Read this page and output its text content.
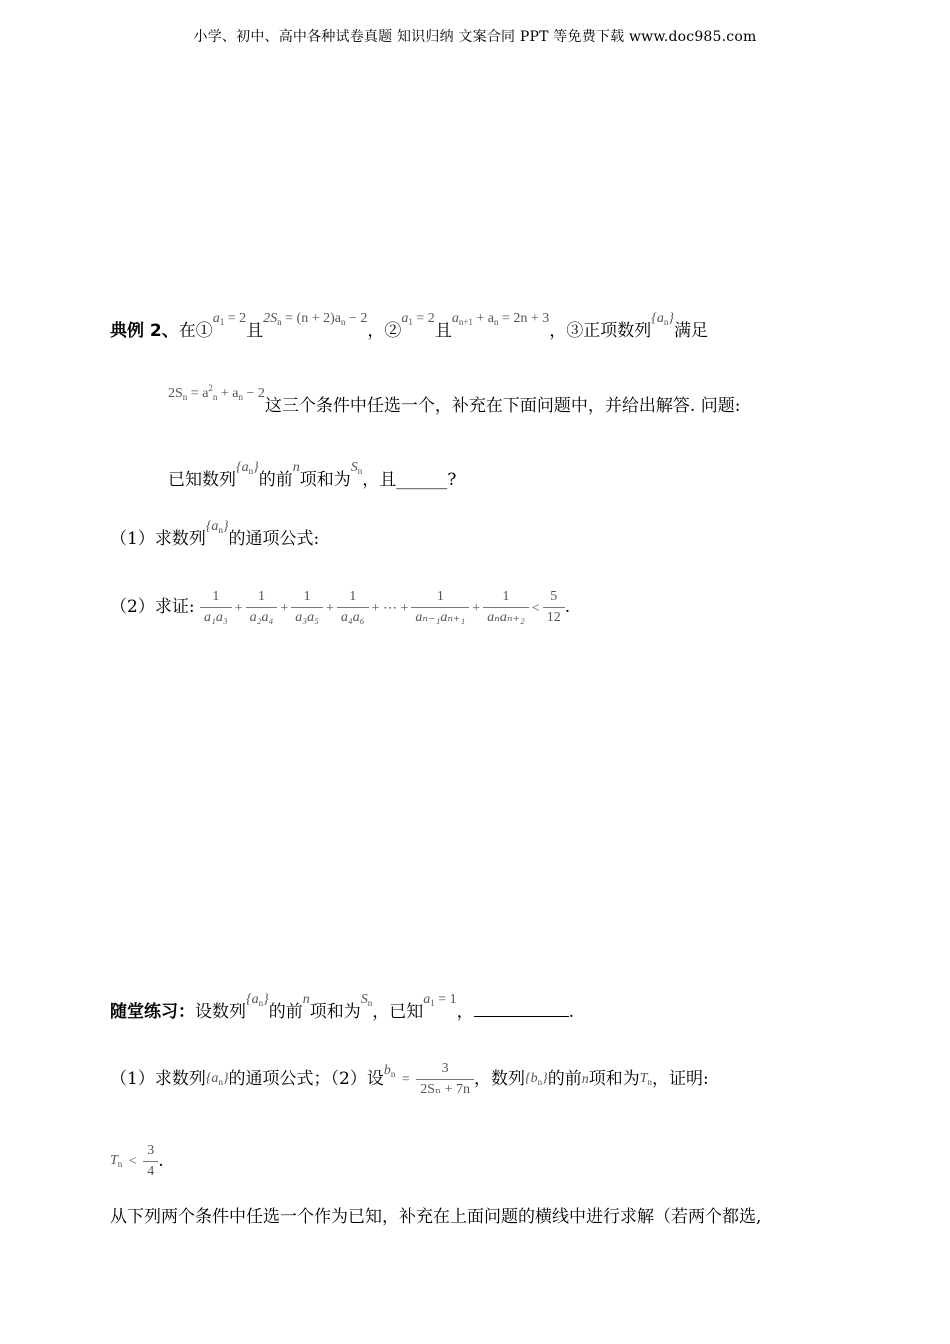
小学、初中、高中各种试卷真题 知识归纳 文案合同 PPT 等免费下载 www.doc985.com
典例 2、在①$^{a_1 = 2}$且$^{2S_n = (n + 2)a_n - 2}$，②$^{a_1 = 2}$且$^{a_{n+1} + a_n = 2n + 3}$，③正项数列$^{\{a_n\}}$满足
$^{2S_n = a^2_n + a_n - 2}$这三个条件中任选一个，补充在下面问题中，并给出解答. 问题:
已知数列$^{\{a_n\}}$的前$^n$项和为$^{S_n}$，且______?
（1）求数列$^{\{a_n\}}$的通项公式:
（2）求证: $\frac{1}{\text{a₁a₃}} + \frac{1}{\text{a₂a₄}} + \frac{1}{\text{a₃a₅}} + \frac{1}{\text{a₄a₆}}$ + ⋯ + $\frac{1}{\text{aₙ₋₁aₙ₊₁}} + \frac{1}{\text{aₙaₙ₊₂}} < \frac{5}{12}$ .
随堂练习：设数列$^{\{a_n\}}$的前$^n$项和为$^{S_n}$，已知$^{a_1 = 1}$，	.
（1）求数列$\{a_n\}$的通项公式；（2）设$^{b_n} = \frac{3}{\text{2Sₙ + 7n}}$ ，数列$\{b_n\}$的前n项和为$T_n$，证明:
$T_n < \frac{3}{4}$ .
从下列两个条件中任选一个作为已知，补充在上面问题的横线中进行求解（若两个都选,
